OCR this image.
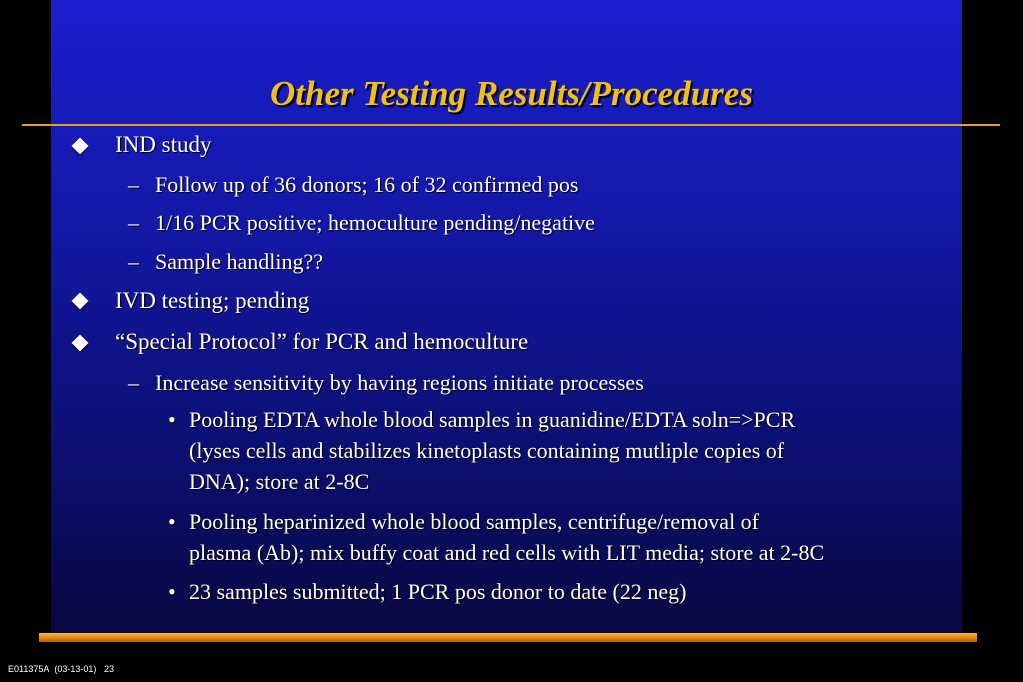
Other Testing Results/Procedures
IND study
– Follow up of 36 donors; 16 of 32 confirmed pos
– 1/16 PCR positive; hemoculture pending/negative
– Sample handling??
IVD testing; pending
“Special Protocol” for PCR and hemoculture
– Increase sensitivity by having regions initiate processes
• Pooling EDTA whole blood samples in guanidine/EDTA soln=>PCR
(lyses cells and stabilizes kinetoplasts containing mutliple copies of
DNA); store at 2-8C
• Pooling heparinized whole blood samples, centrifuge/removal of
plasma (Ab); mix buffy coat and red cells with LIT media; store at 2-8C
• 23 samples submitted; 1 PCR pos donor to date (22 neg)
E011375A (03-13-01) 23
